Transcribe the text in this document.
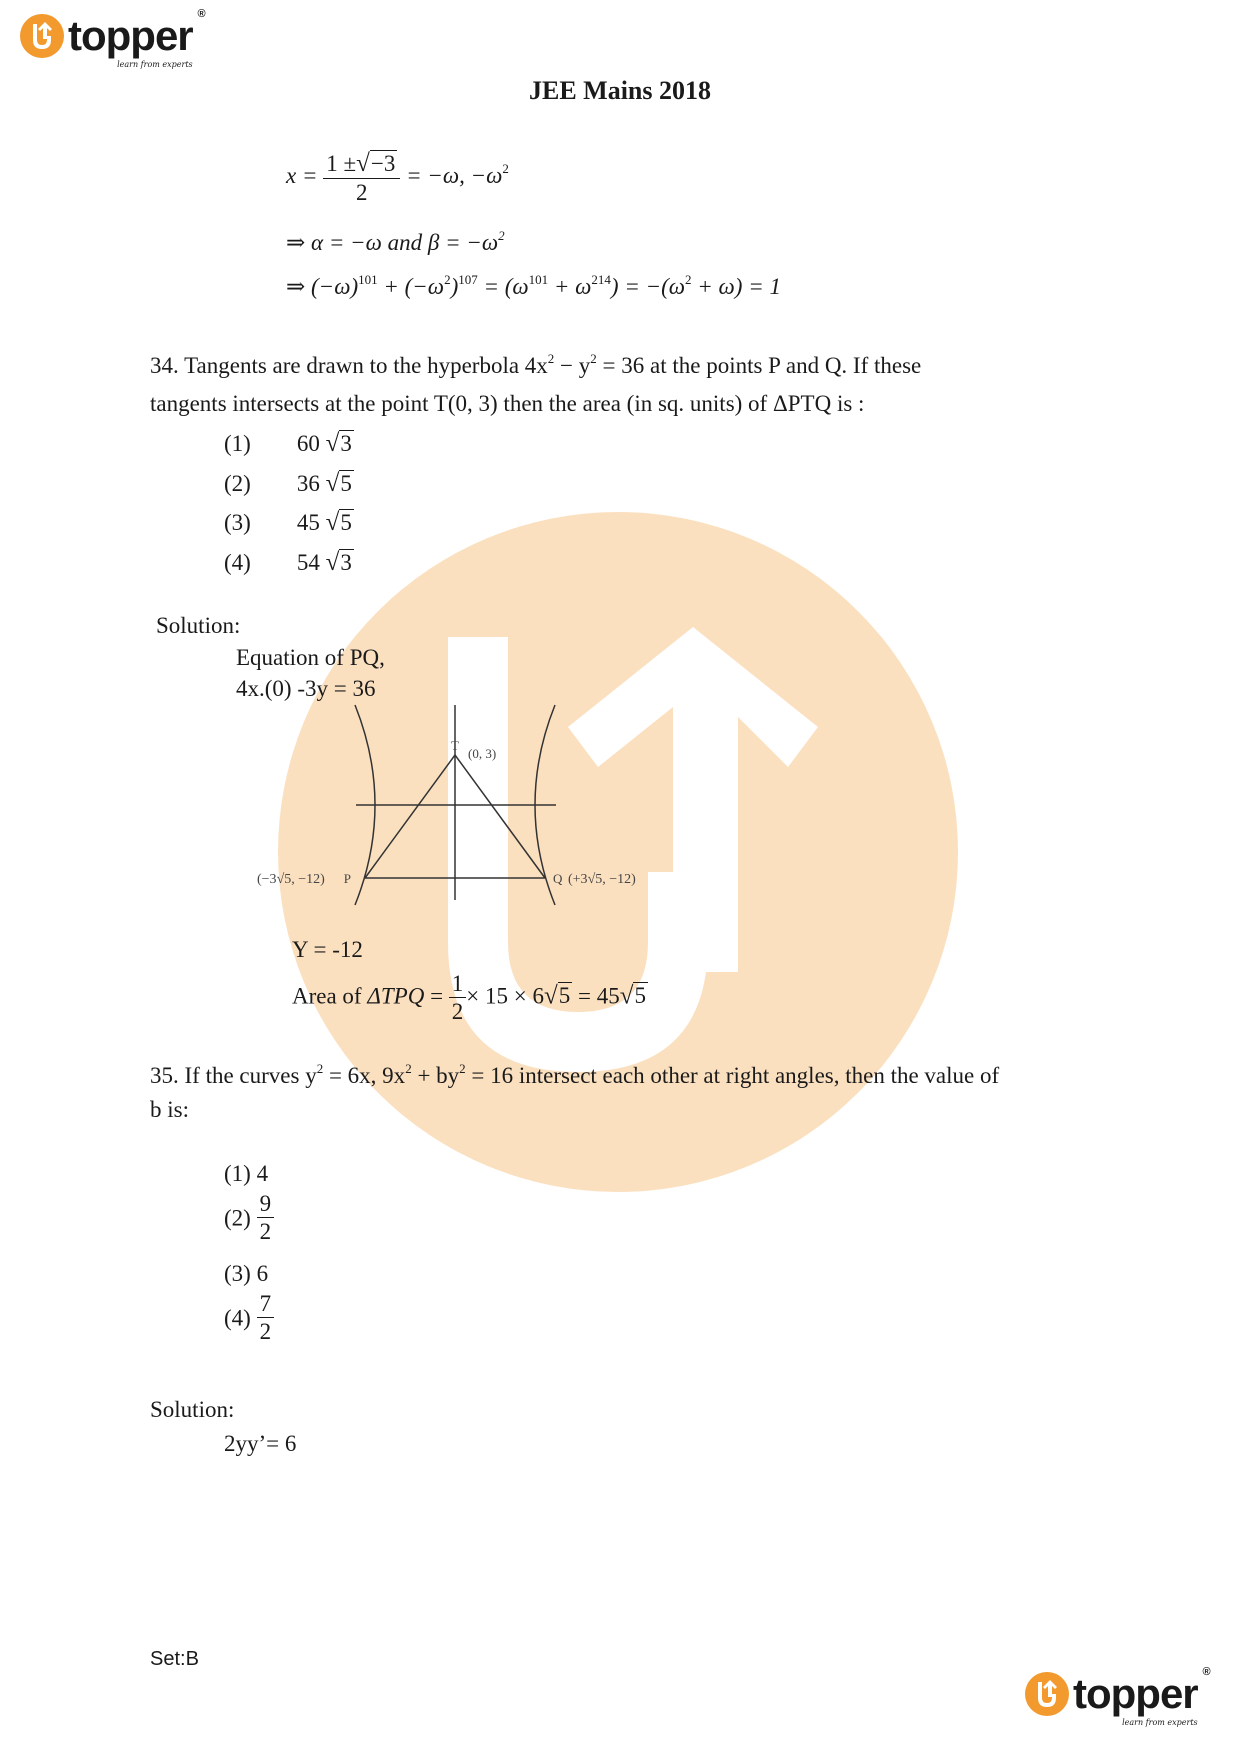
topper ®
learn from experts
JEE Mains 2018
$x = \frac{1 \pm√-3}{2} = -\omega$, $-\omega^2$
⇒ α = −ω and $\beta = -\omega^2$
⇒ $(-\omega)^{101} + (-\omega^2)^{107} = (\omega^{101} + \omega^{214}) = -(\omega^2 + \omega) = 1$
34. Tangents are drawn to the hyperbola $4x^2 - y^2 = 36$ at the points P and Q. If these
tangents intersects at the point T(0, 3) then the area (in sq. units) of ΔPTQ is :
(1) 60 √3
(2) 36 √5
(3) 45 √5
(4) 54 √3
Solution:
Equation of PQ,
4x.(0) -3y = 36
T
(0, 3)
P	Q
(−3√5, −12)	(+3√5, −12)
Y = -12
Area of $\Delta TPQ = \frac{1}{2} \times 15 \times 6√5 = 45√5$
35. If the curves $y^2 = 6x$, $9x^2 + by^2 = 16$ intersect each other at right angles, then the value of
b is:
(1) 4
$(2) \frac{9}{2}$
(3) 6
$(4) \frac{7}{2}$
Solution:
2yy’= 6
Set:B
topper ®
learn from experts
